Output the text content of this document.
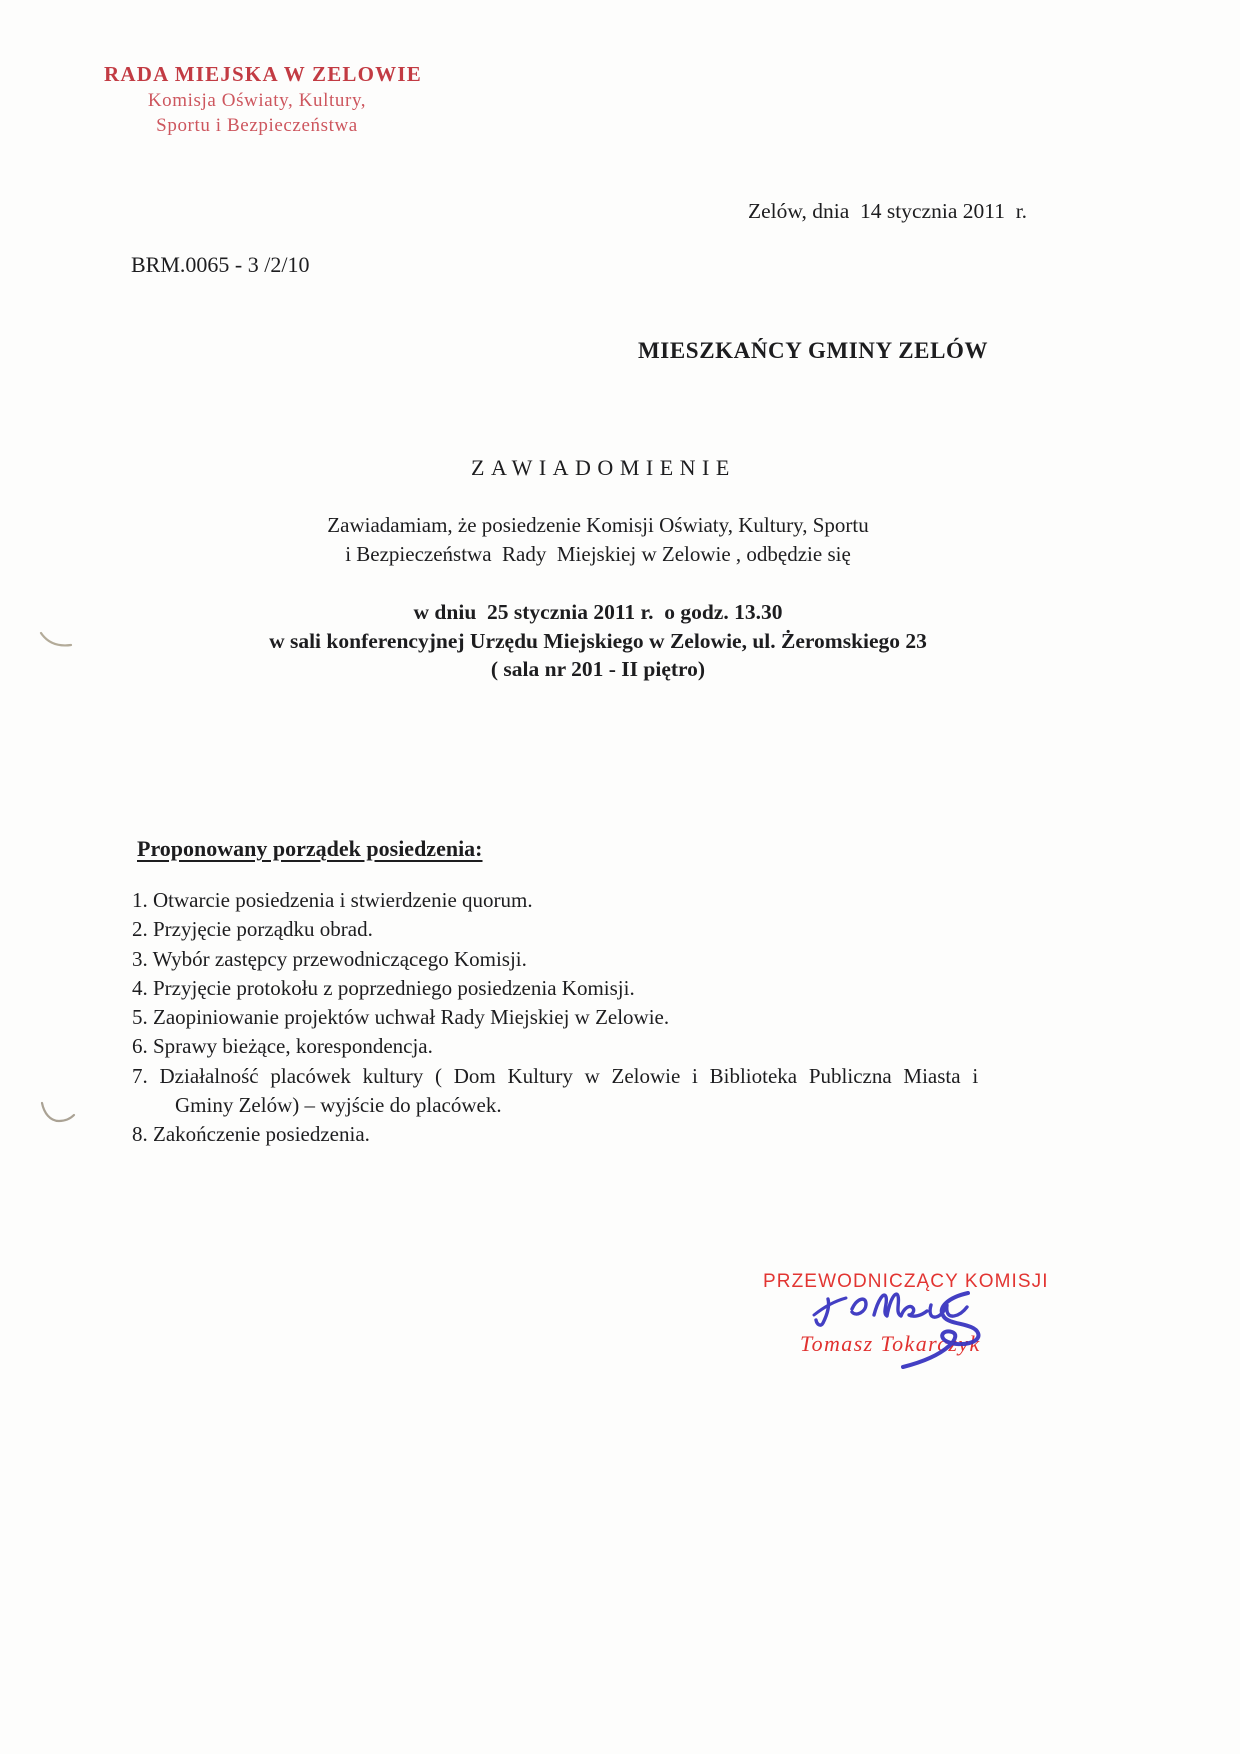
RADA MIEJSKA W ZELOWIE
Komisja Oświaty, Kultury,
Sportu i Bezpieczeństwa
Zelów, dnia  14 stycznia 2011  r.
BRM.0065 - 3 /2/10
MIESZKAŃCY GMINY ZELÓW
ZAWIADOMIENIE
Zawiadamiam, że posiedzenie Komisji Oświaty, Kultury, Sportu
i Bezpieczeństwa  Rady  Miejskiej w Zelowie , odbędzie się
w dniu  25 stycznia 2011 r.  o godz. 13.30
w sali konferencyjnej Urzędu Miejskiego w Zelowie, ul. Żeromskiego 23
( sala nr 201 - II piętro)
Proponowany porządek posiedzenia:
1. Otwarcie posiedzenia i stwierdzenie quorum.
2. Przyjęcie porządku obrad.
3. Wybór zastępcy przewodniczącego Komisji.
4. Przyjęcie protokołu z poprzedniego posiedzenia Komisji.
5. Zaopiniowanie projektów uchwał Rady Miejskiej w Zelowie.
6. Sprawy bieżące, korespondencja.
7. Działalność placówek kultury ( Dom Kultury w Zelowie i Biblioteka Publiczna Miasta i
Gminy Zelów) – wyjście do placówek.
8. Zakończenie posiedzenia.
PRZEWODNICZĄCY KOMISJI
Tomasz Tokarczyk
